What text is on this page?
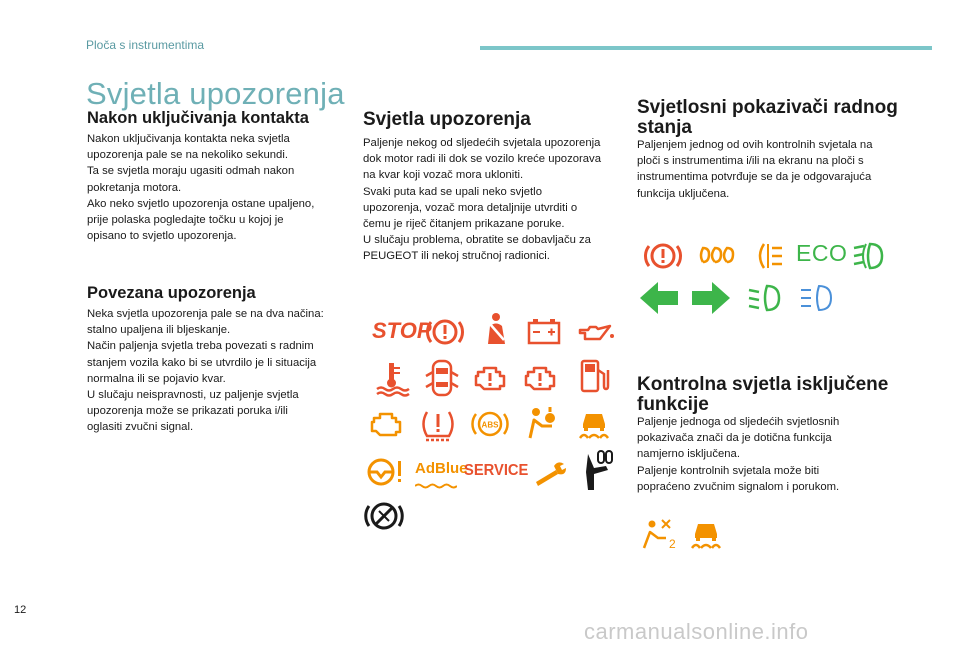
Ploča s instrumentima
Svjetla upozorenja
Nakon uključivanja kontakta
Nakon uključivanja kontakta neka svjetla
upozorenja pale se na nekoliko sekundi.
Ta se svjetla moraju ugasiti odmah nakon
pokretanja motora.
Ako neko svjetlo upozorenja ostane upaljeno,
prije polaska pogledajte točku u kojoj je
opisano to svjetlo upozorenja.
Povezana upozorenja
Neka svjetla upozorenja pale se na dva načina:
stalno upaljena ili bljeskanje.
Način paljenja svjetla treba povezati s radnim
stanjem vozila kako bi se utvrdilo je li situacija
normalna ili se pojavio kvar.
U slučaju neispravnosti, uz paljenje svjetla
upozorenja može se prikazati poruka i/ili
oglasiti zvučni signal.
Svjetla upozorenja
Paljenje nekog od sljedećih svjetala upozorenja
dok motor radi ili dok se vozilo kreće upozorava
na kvar koji vozač mora ukloniti.
Svaki puta kad se upali neko svjetlo
upozorenja, vozač mora detaljnije utvrditi o
čemu je riječ čitanjem prikazane poruke.
U slučaju problema, obratite se dobavljaču za
PEUGEOT ili nekoj stručnoj radionici.
STOP
ABS
AdBlue
SERVICE
Svjetlosni pokazivači radnog stanja
Paljenjem jednog od ovih kontrolnih svjetala na
ploči s instrumentima i/ili na ekranu na ploči s
instrumentima potvrđuje se da je odgovarajuća
funkcija uključena.
ECO
Kontrolna svjetla isključene funkcije
Paljenje jednoga od sljedećih svjetlosnih
pokazivača znači da je dotična funkcija
namjerno isključena.
Paljenje kontrolnih svjetala može biti
popraćeno zvučnim signalom i porukom.
2
12
carmanualsonline.info
